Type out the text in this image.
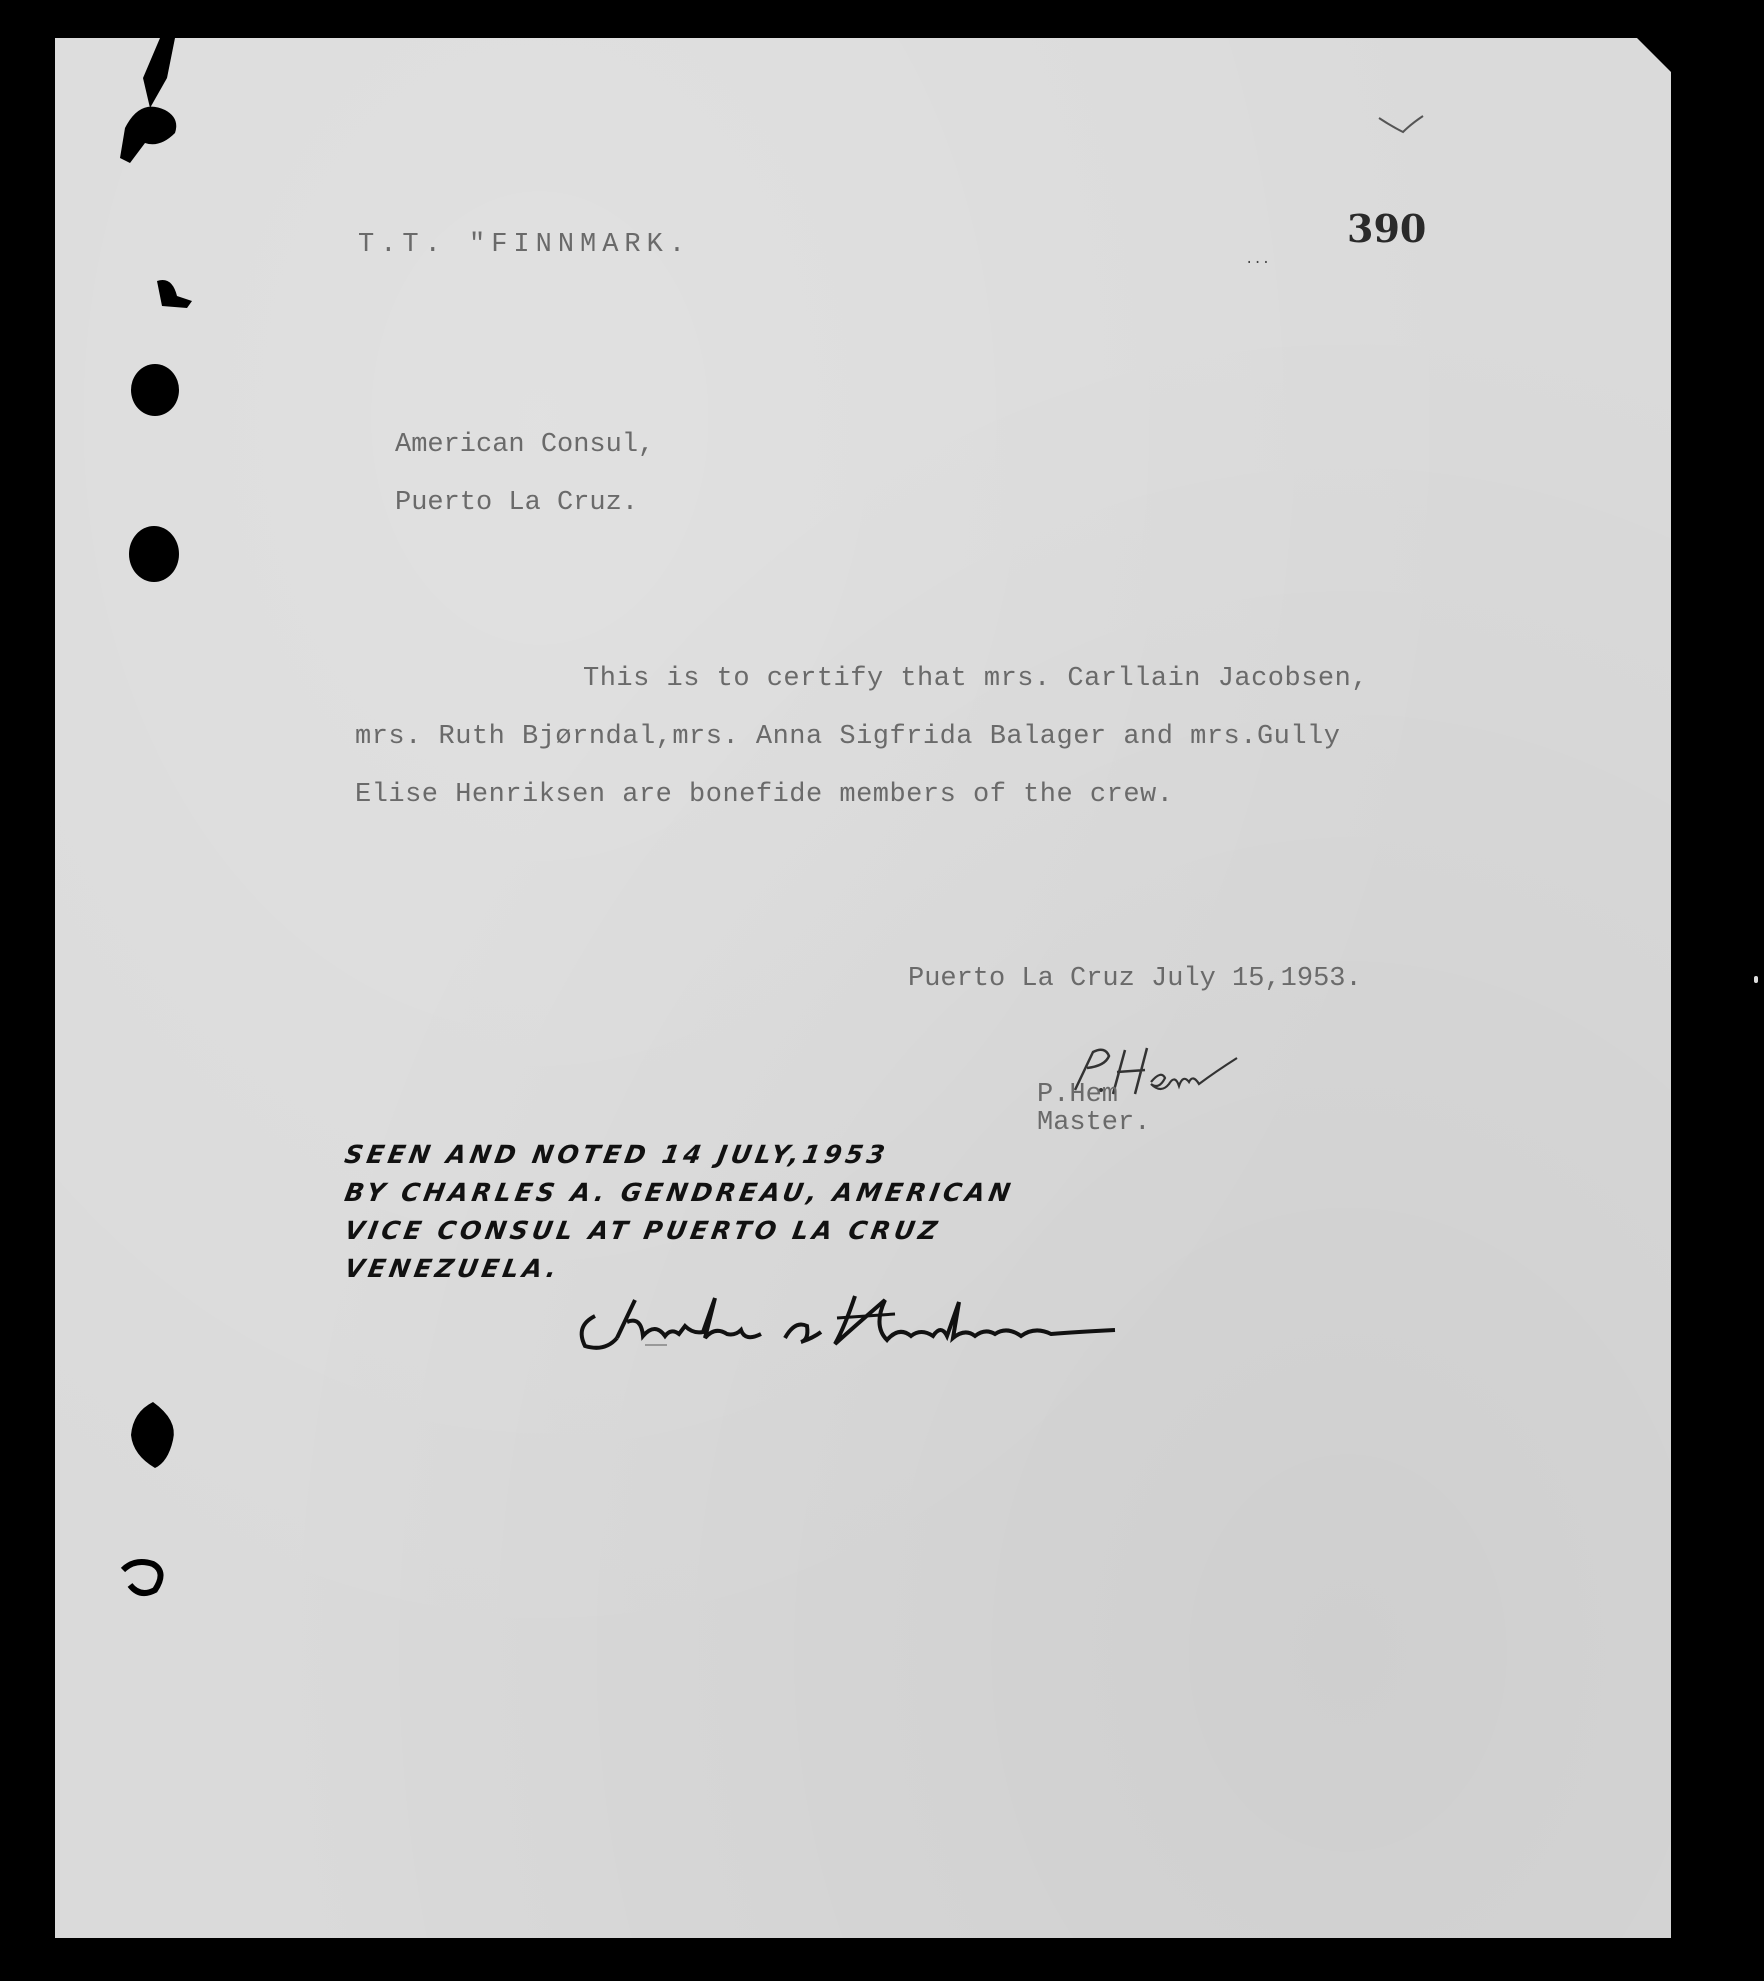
...
T.T. "FINNMARK.	390
American Consul,
Puerto La Cruz.
This is to certify that mrs. Carllain Jacobsen,
mrs. Ruth Bjørndal,mrs. Anna Sigfrida Balager and mrs.Gully
Elise Henriksen are bonefide members of the crew.
Puerto La Cruz July 15,1953.
P.Hem
Master.
SEEN AND NOTED 14 JULY,1953
BY CHARLES A. GENDREAU, AMERICAN
VICE CONSUL AT PUERTO LA CRUZ
VENEZUELA.
